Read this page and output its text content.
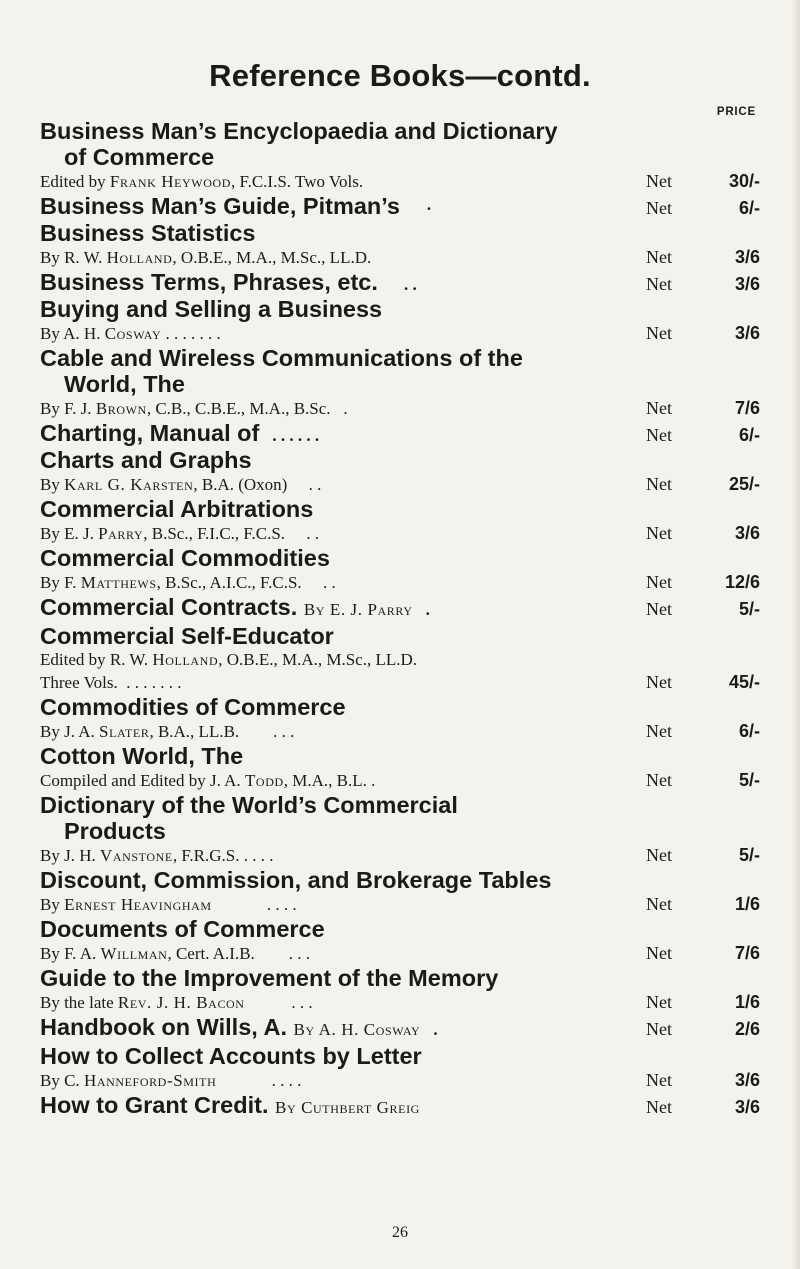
Reference Books—contd.
PRICE
Business Man’s Encyclopaedia and Dictionary
of Commerce
Edited by Frank Heywood, F.C.I.S. Two Vols.	Net	30/-
Business Man’s Guide, Pitman’s ·	Net	6/-
Business Statistics
By R. W. Holland, O.B.E., M.A., M.Sc., LL.D.	Net	3/6
Business Terms, Phrases, etc. . .	Net	3/6
Buying and Selling a Business
By A. H. Cosway . . . . . . .	Net	3/6
Cable and Wireless Communications of the
World, The
By F. J. Brown, C.B., C.B.E., M.A., B.Sc. .	Net	7/6
Charting, Manual of . . . . . .	Net	6/-
Charts and Graphs
By Karl G. Karsten, B.A. (Oxon) . .	Net	25/-
Commercial Arbitrations
By E. J. Parry, B.Sc., F.I.C., F.C.S. . .	Net	3/6
Commercial Commodities
By F. Matthews, B.Sc., A.I.C., F.C.S. . .	Net	12/6
Commercial Contracts. By E. J. Parry .	Net	5/-
Commercial Self-Educator
Edited by R. W. Holland, O.B.E., M.A., M.Sc., LL.D.
Three Vols. . . . . . . .	Net	45/-
Commodities of Commerce
By J. A. Slater, B.A., LL.B. . . .	Net	6/-
Cotton World, The
Compiled and Edited by J. A. Todd, M.A., B.L. .	Net	5/-
Dictionary of the World’s Commercial
Products
By J. H. Vanstone, F.R.G.S. . . . .	Net	5/-
Discount, Commission, and Brokerage Tables
By Ernest Heavingham	. . . .	Net	1/6
Documents of Commerce
By F. A. Willman, Cert. A.I.B. . . .	Net	7/6
Guide to the Improvement of the Memory
By the late Rev. J. H. Bacon	. . .	Net	1/6
Handbook on Wills, A. By A. H. Cosway .	Net	2/6
How to Collect Accounts by Letter
By C. Hanneford-Smith	. . . .	Net	3/6
How to Grant Credit. By Cuthbert Greig	Net	3/6
26
